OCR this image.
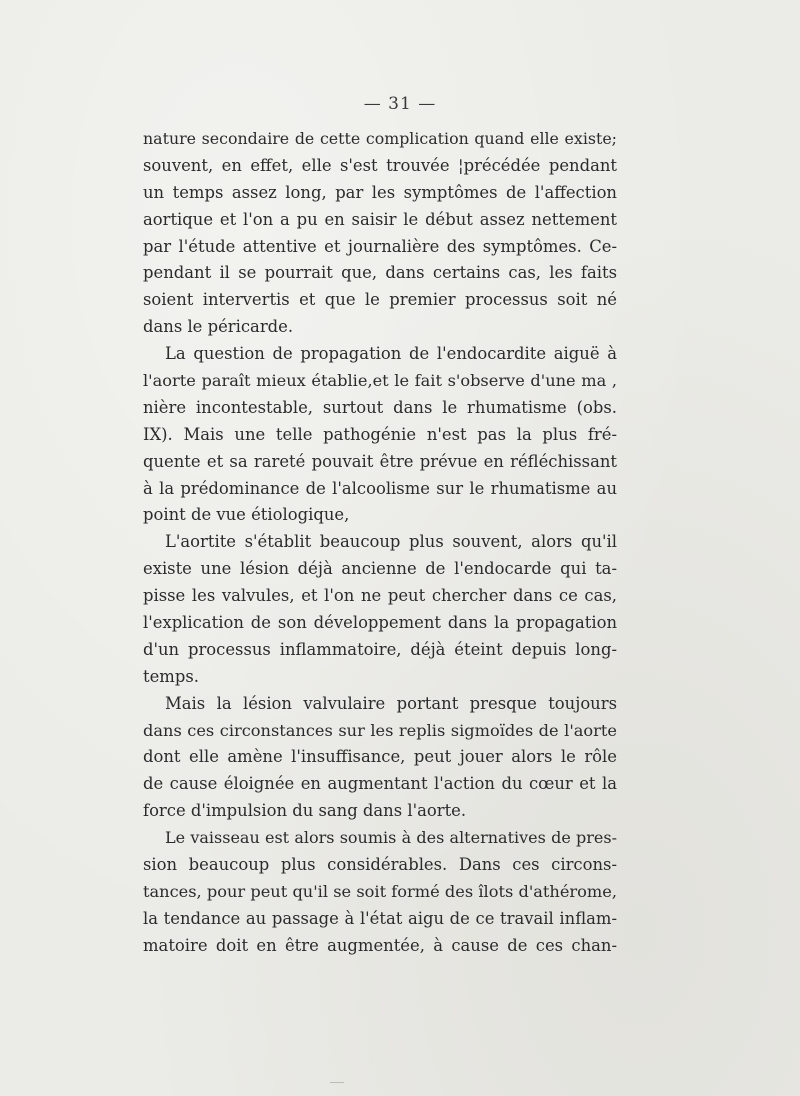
— 31 —
nature secondaire de cette complication quand elle existe;
souvent, en effet, elle s'est trouvée ¦précédée pendant
un temps assez long, par les symptômes de l'affection
aortique et l'on a pu en saisir le début assez nettement
par l'étude attentive et journalière des symptômes. Ce-
pendant il se pourrait que, dans certains cas, les faits
soient intervertis et que le premier processus soit né
dans le péricarde.
La question de propagation de l'endocardite aiguë à
l'aorte paraît mieux établie,et le fait s'observe d'une ma ,
nière incontestable, surtout dans le rhumatisme (obs.
IX). Mais une telle pathogénie n'est pas la plus fré-
quente et sa rareté pouvait être prévue en réfléchissant
à la prédominance de l'alcoolisme sur le rhumatisme au
point de vue étiologique,
L'aortite s'établit beaucoup plus souvent, alors qu'il
existe une lésion déjà ancienne de l'endocarde qui ta-
pisse les valvules, et l'on ne peut chercher dans ce cas,
l'explication de son développement dans la propagation
d'un processus inflammatoire, déjà éteint depuis long-
temps.
Mais la lésion valvulaire portant presque toujours
dans ces circonstances sur les replis sigmoïdes de l'aorte
dont elle amène l'insuffisance, peut jouer alors le rôle
de cause éloignée en augmentant l'action du cœur et la
force d'impulsion du sang dans l'aorte.
Le vaisseau est alors soumis à des alternatives de pres-
sion beaucoup plus considérables. Dans ces circons-
tances, pour peut qu'il se soit formé des îlots d'athérome,
la tendance au passage à l'état aigu de ce travail inflam-
matoire doit en être augmentée, à cause de ces chan-
